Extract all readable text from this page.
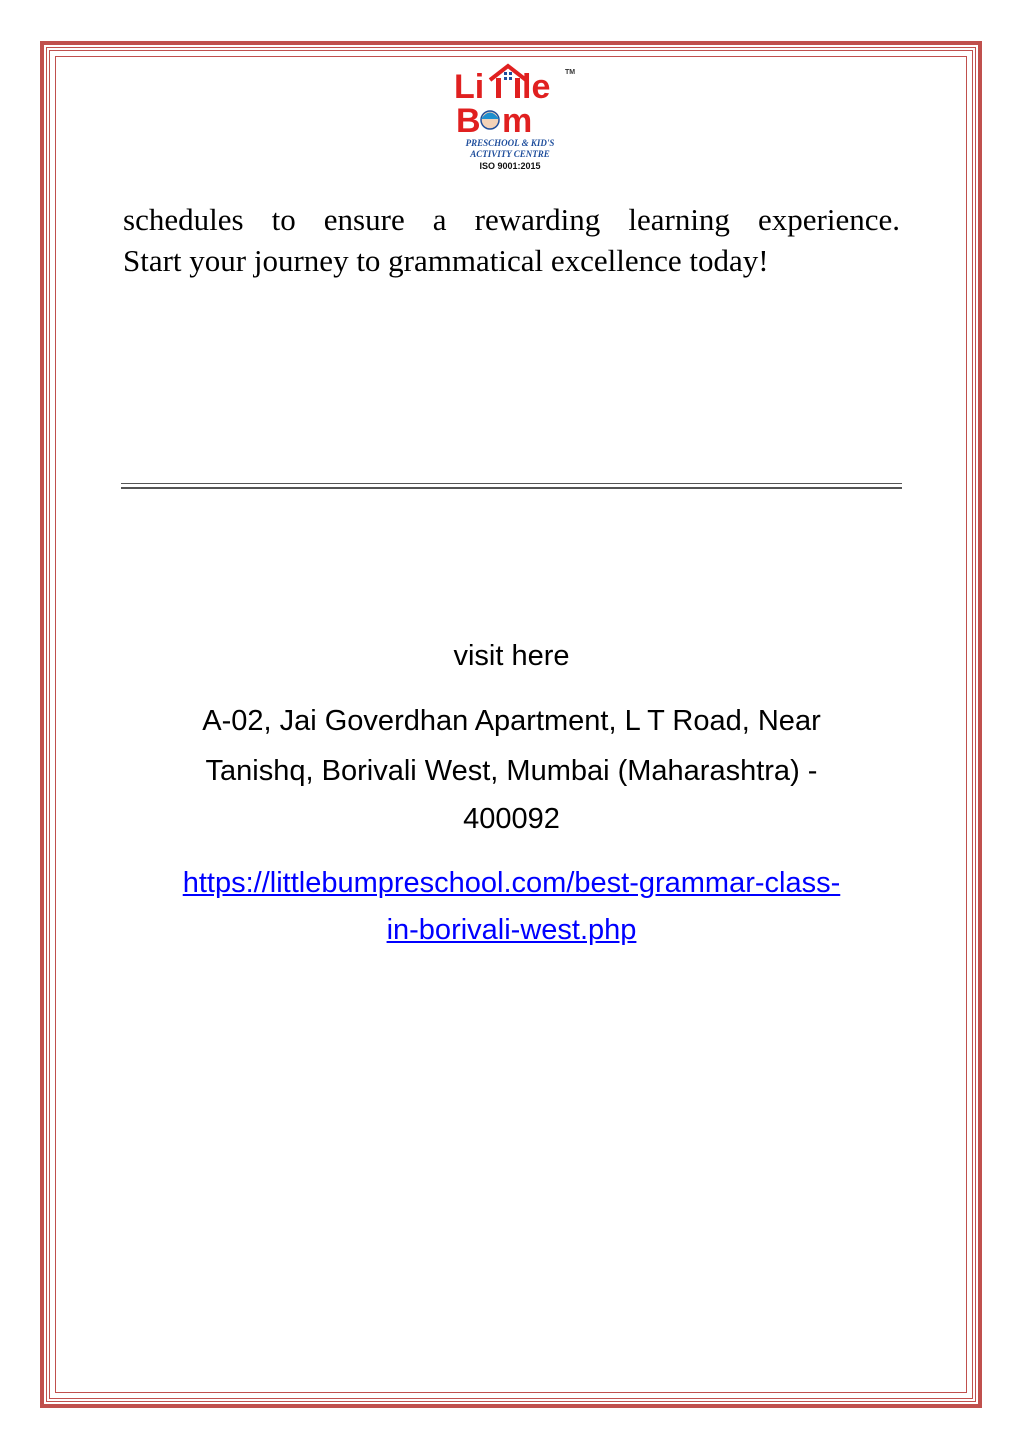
Li le TM
B m
PRESCHOOL & KID'S
ACTIVITY CENTRE
ISO 9001:2015

schedules to ensure a rewarding learning experience.

Start your journey to grammatical excellence today!

visit here

A-02, Jai Goverdhan Apartment, L T Road, Near

Tanishq, Borivali West, Mumbai (Maharashtra) -

400092

https://littlebumpreschool.com/best-grammar-class-

in-borivali-west.php
